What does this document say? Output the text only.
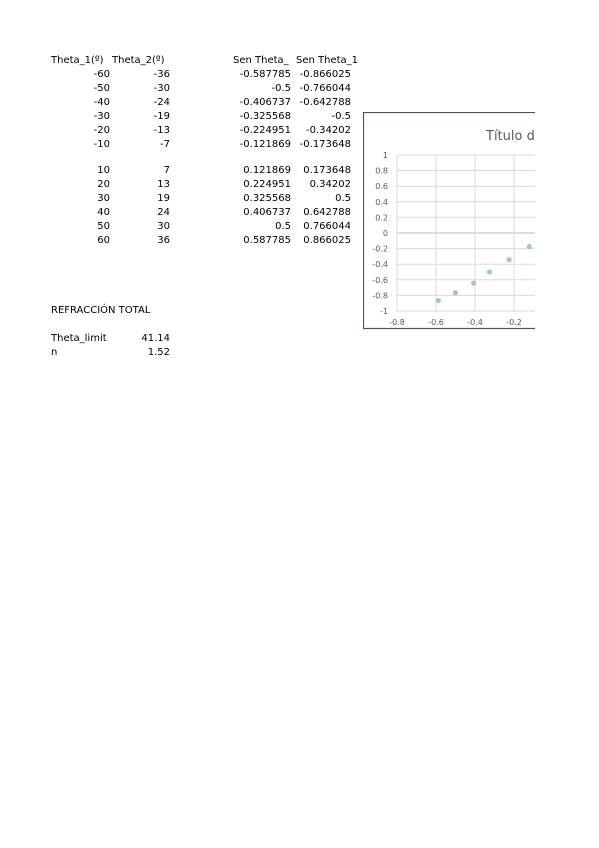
Theta_1(º) Theta_2(º)	Sen Theta_ Sen Theta_1
-60	-36	-0.587785 -0.866025
-50	-30	-0.5 -0.766044
-40	-24	-0.406737 -0.642788
-30	-19	-0.325568	-0.5
-20	-13	-0.224951	-0.34202
-10	-7	-0.121869 -0.173648
10	7	0.121869	0.173648
20	13	0.224951	0.34202
30	19	0.325568	0.5
40	24	0.406737	0.642788
50	30	0.5	0.766044
60	36	0.587785	0.866025
REFRACCIÓN TOTAL
Theta_limit	41.14
n	1.52
1
0.8
0.6
0.4
0.2
0
-0.2
-0.4
-0.6
-0.8
-1
-0.8	-0.6	-0.4	-0.2
Título d
